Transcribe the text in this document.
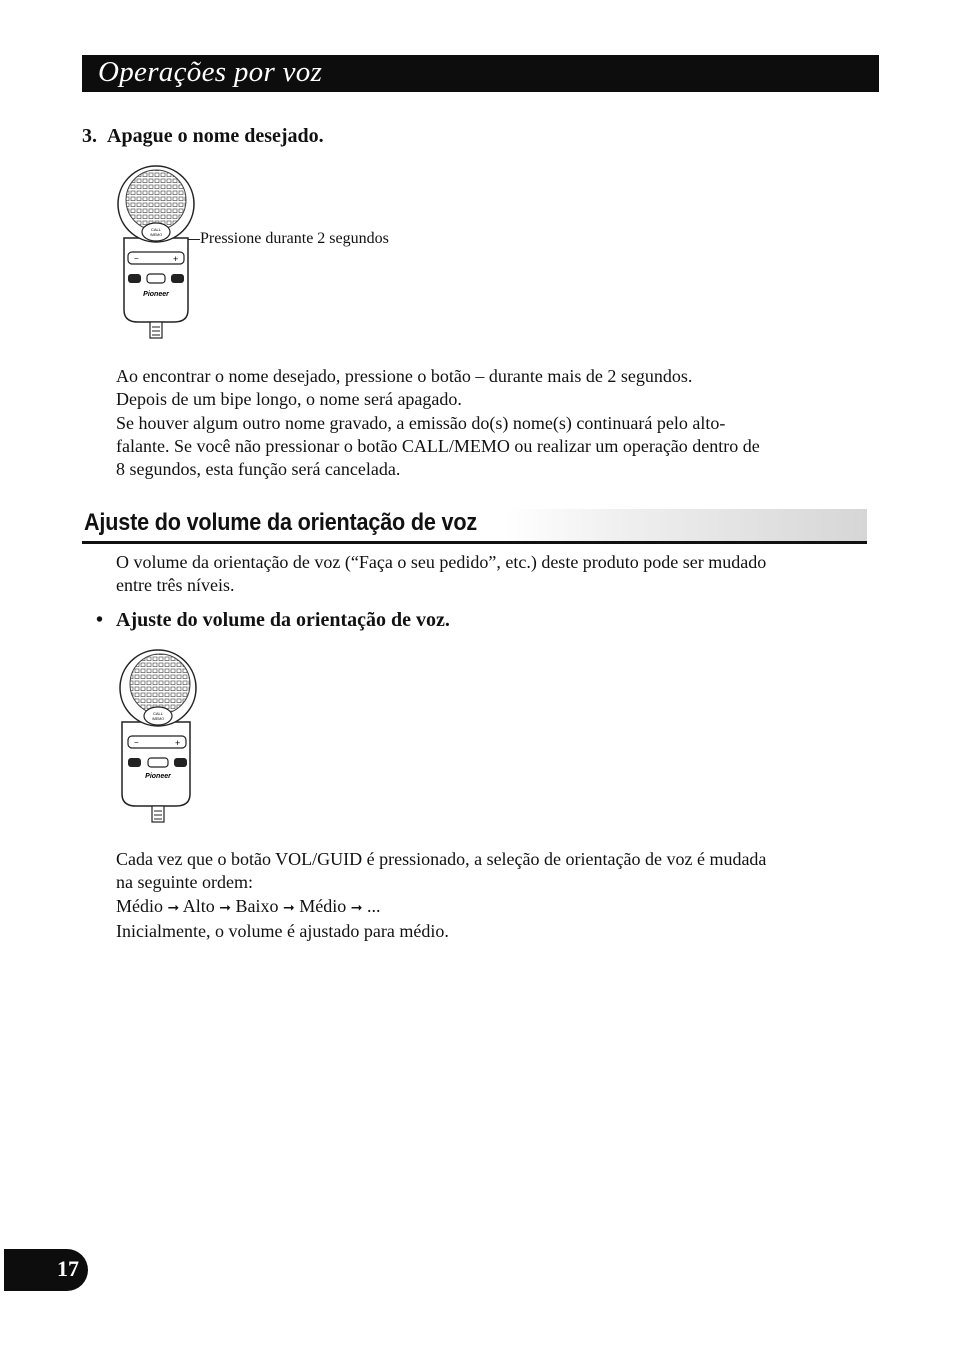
Operações por voz
3.  Apague o nome desejado.
CALL
/MEMO
−	+
Pioneer
Pressione durante 2 segundos
Ao encontrar o nome desejado, pressione o botão – durante mais de 2 segundos.
Depois de um bipe longo, o nome será apagado.
Se houver algum outro nome gravado, a emissão do(s) nome(s) continuará pelo alto-
falante. Se você não pressionar o botão CALL/MEMO ou realizar um operação dentro de
8 segundos, esta função será cancelada.
Ajuste do volume da orientação de voz
O volume da orientação de voz (“Faça o seu pedido”, etc.) deste produto pode ser mudado
entre três níveis.
• Ajuste do volume da orientação de voz.
CALL
/MEMO
−	+
Pioneer
Cada vez que o botão VOL/GUID é pressionado, a seleção de orientação de voz é mudada
na seguinte ordem:
Médio ➞ Alto ➞ Baixo ➞ Médio ➞ ...
Inicialmente, o volume é ajustado para médio.
17
